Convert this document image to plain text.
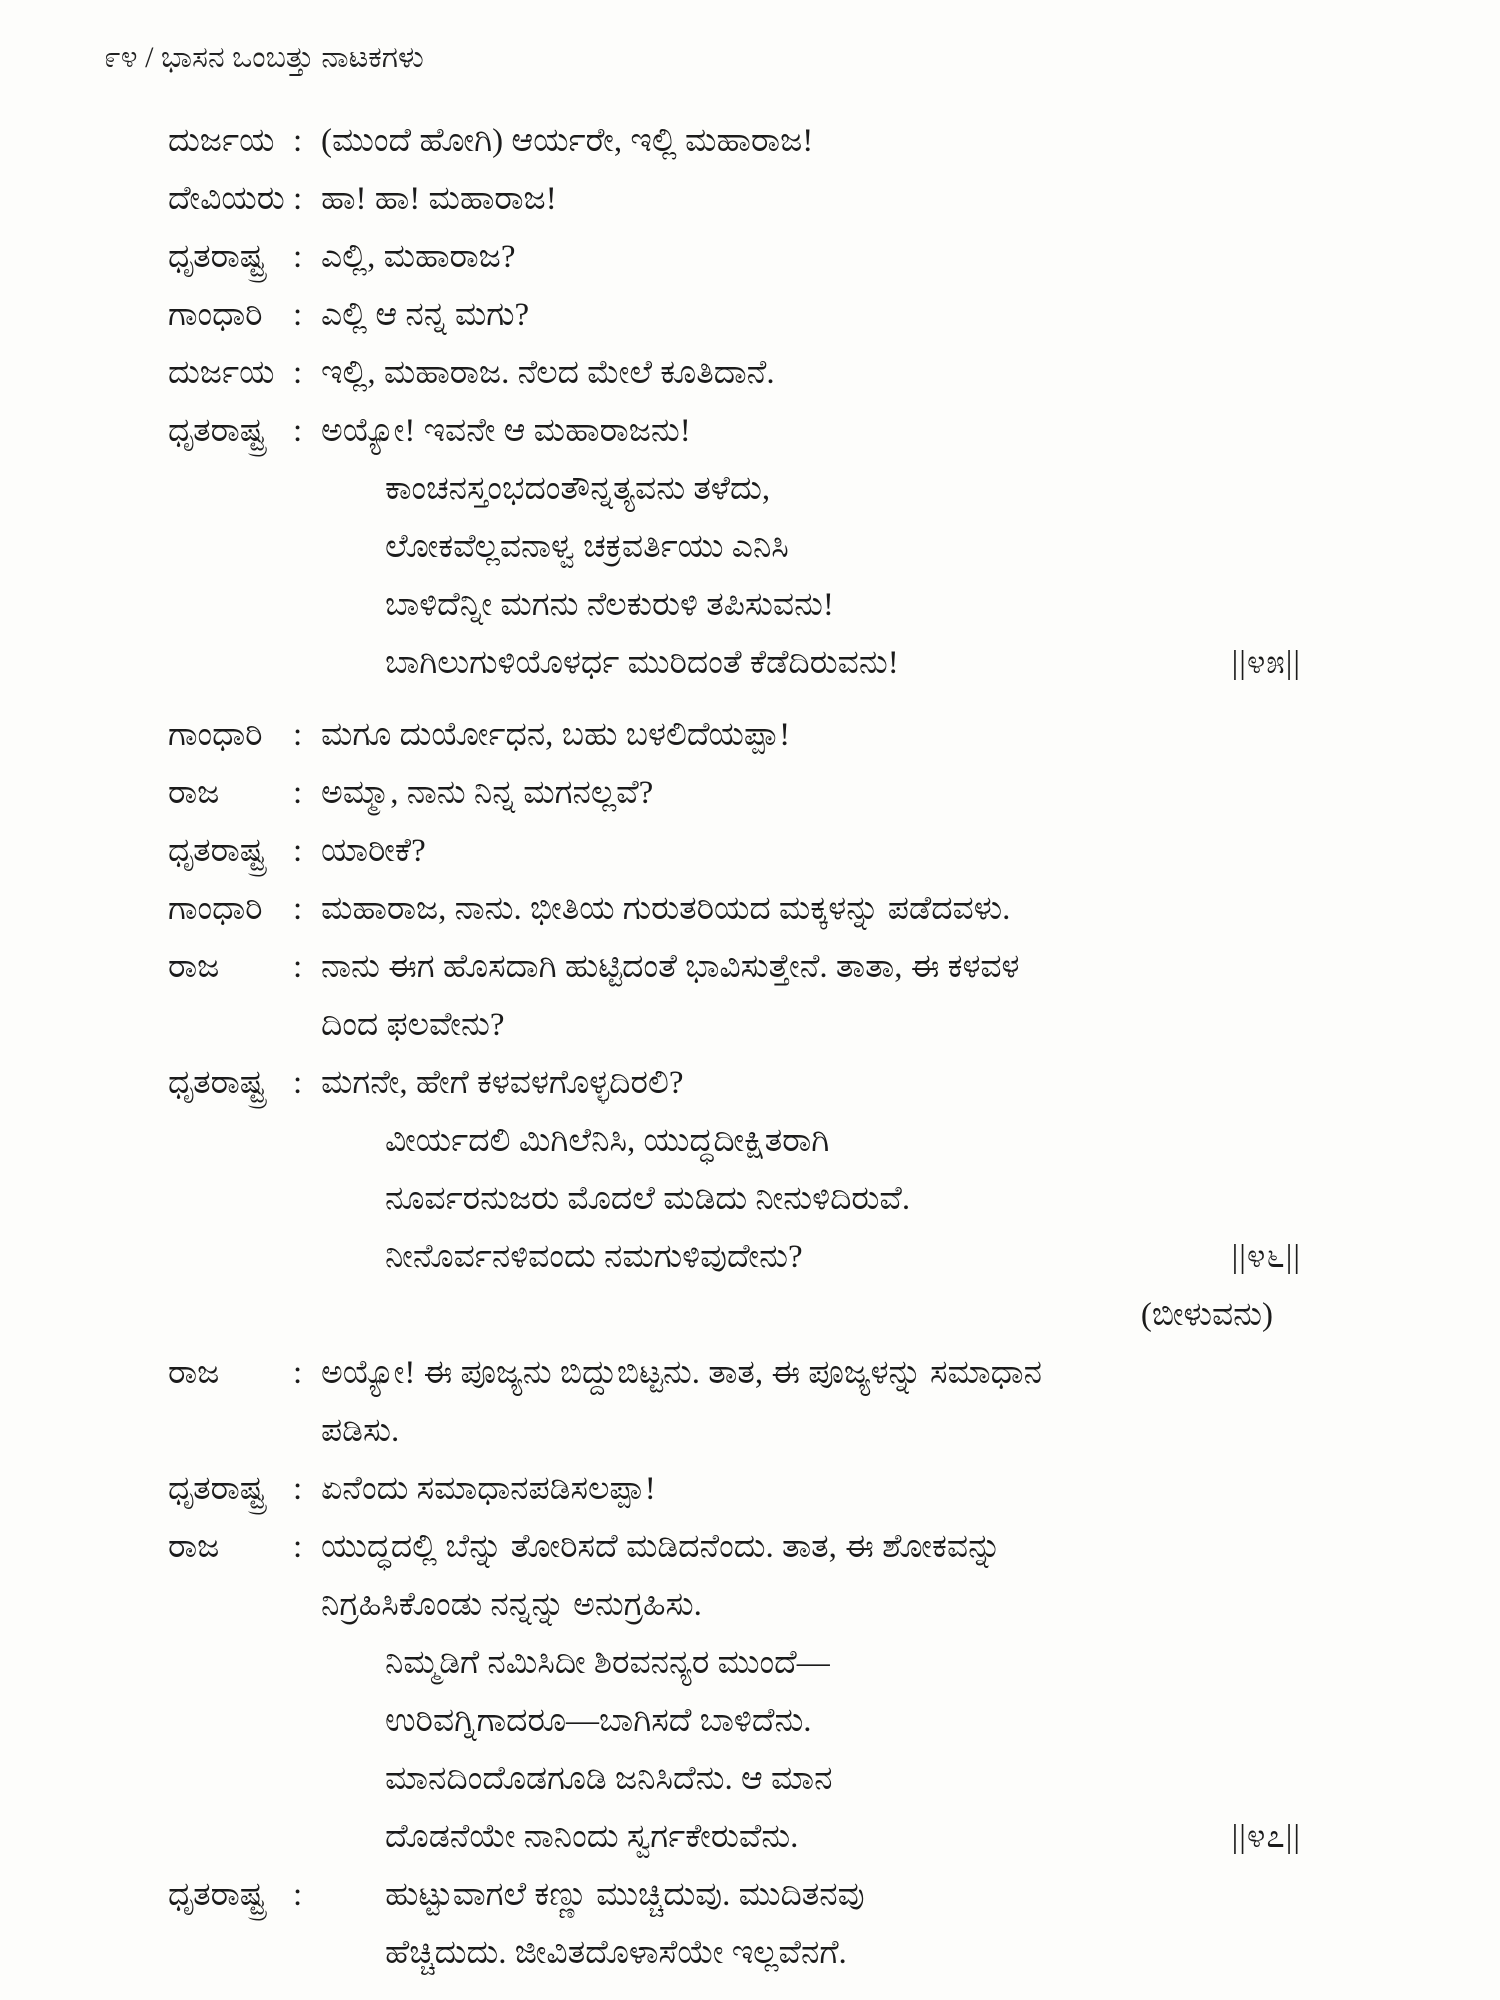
೯೪ / ಭಾಸನ ಒಂಬತ್ತು ನಾಟಕಗಳು
ದುರ್ಜಯ : (ಮುಂದೆ ಹೋಗಿ) ಆರ್ಯರೇ, ಇಲ್ಲಿ ಮಹಾರಾಜ!
ದೇವಿಯರು : ಹಾ! ಹಾ! ಮಹಾರಾಜ!
ಧೃತರಾಷ್ಟ್ರ : ಎಲ್ಲಿ, ಮಹಾರಾಜ?
ಗಾಂಧಾರಿ : ಎಲ್ಲಿ ಆ ನನ್ನ ಮಗು?
ದುರ್ಜಯ : ಇಲ್ಲಿ, ಮಹಾರಾಜ. ನೆಲದ ಮೇಲೆ ಕೂತಿದಾನೆ.
ಧೃತರಾಷ್ಟ್ರ : ಅಯ್ಯೋ! ಇವನೇ ಆ ಮಹಾರಾಜನು!
ಕಾಂಚನಸ್ತಂಭದಂತೌನ್ನತ್ಯವನು ತಳೆದು,
ಲೋಕವೆಲ್ಲವನಾಳ್ವ ಚಕ್ರವರ್ತಿಯು ಎನಿಸಿ
ಬಾಳಿದೆನ್ನೀ ಮಗನು ನೆಲಕುರುಳಿ ತಪಿಸುವನು!
ಬಾಗಿಲುಗುಳಿಯೊಳರ್ಧ ಮುರಿದಂತೆ ಕೆಡೆದಿರುವನು!	||೪೫||
ಗಾಂಧಾರಿ : ಮಗೂ ದುರ್ಯೋಧನ, ಬಹು ಬಳಲಿದೆಯಪ್ಪಾ!
ರಾಜ	: ಅಮ್ಮಾ, ನಾನು ನಿನ್ನ ಮಗನಲ್ಲವೆ?
ಧೃತರಾಷ್ಟ್ರ : ಯಾರೀಕೆ?
ಗಾಂಧಾರಿ : ಮಹಾರಾಜ, ನಾನು. ಭೀತಿಯ ಗುರುತರಿಯದ ಮಕ್ಕಳನ್ನು ಪಡೆದವಳು.
ರಾಜ	: ನಾನು ಈಗ ಹೊಸದಾಗಿ ಹುಟ್ಟಿದಂತೆ ಭಾವಿಸುತ್ತೇನೆ. ತಾತಾ, ಈ ಕಳವಳ
ದಿಂದ ಫಲವೇನು?
ಧೃತರಾಷ್ಟ್ರ : ಮಗನೇ, ಹೇಗೆ ಕಳವಳಗೊಳ್ಳದಿರಲಿ?
ವೀರ್ಯದಲಿ ಮಿಗಿಲೆನಿಸಿ, ಯುದ್ಧದೀಕ್ಷಿತರಾಗಿ
ನೂರ್ವರನುಜರು ಮೊದಲೆ ಮಡಿದು ನೀನುಳಿದಿರುವೆ.
ನೀನೊರ್ವನಳಿವಂದು ನಮಗುಳಿವುದೇನು?	||೪೬||
(ಬೀಳುವನು)
ರಾಜ	: ಅಯ್ಯೋ! ಈ ಪೂಜ್ಯನು ಬಿದ್ದುಬಿಟ್ಟನು. ತಾತ, ಈ ಪೂಜ್ಯಳನ್ನು ಸಮಾಧಾನ
ಪಡಿಸು.
ಧೃತರಾಷ್ಟ್ರ : ಏನೆಂದು ಸಮಾಧಾನಪಡಿಸಲಪ್ಪಾ!
ರಾಜ	: ಯುದ್ಧದಲ್ಲಿ ಬೆನ್ನು ತೋರಿಸದೆ ಮಡಿದನೆಂದು. ತಾತ, ಈ ಶೋಕವನ್ನು
ನಿಗ್ರಹಿಸಿಕೊಂಡು ನನ್ನನ್ನು ಅನುಗ್ರಹಿಸು.
ನಿಮ್ಮಡಿಗೆ ನಮಿಸಿದೀ ಶಿರವನನ್ಯರ ಮುಂದೆ—
ಉರಿವಗ್ನಿಗಾದರೂ—ಬಾಗಿಸದೆ ಬಾಳಿದೆನು.
ಮಾನದಿಂದೊಡಗೂಡಿ ಜನಿಸಿದೆನು. ಆ ಮಾನ
ದೊಡನೆಯೇ ನಾನಿಂದು ಸ್ವರ್ಗಕೇರುವೆನು.	||೪೭||
ಧೃತರಾಷ್ಟ್ರ :	ಹುಟ್ಟುವಾಗಲೆ ಕಣ್ಣು ಮುಚ್ಚಿದುವು. ಮುದಿತನವು
ಹೆಚ್ಚಿದುದು. ಜೀವಿತದೊಳಾಸೆಯೇ ಇಲ್ಲವೆನಗೆ.
